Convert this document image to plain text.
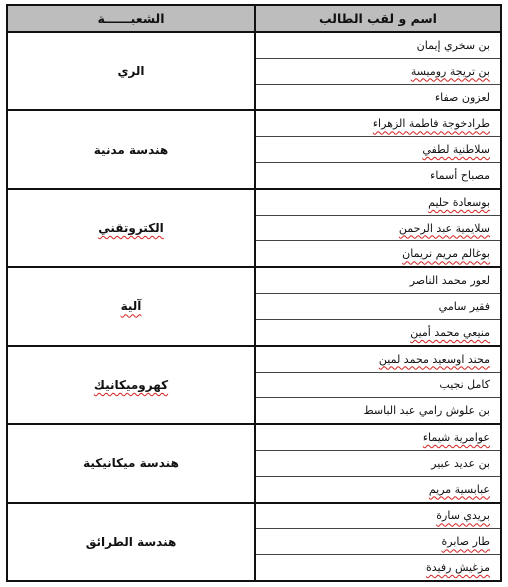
الشعبــــــة	اسم و لقب الطالب
الري
بن سخري إيمان
بن تريجة روميسة
لعزون صفاء
هندسة مدنية
طرادخوجة فاطمة الزهراء
سلاطنية لطفي
مصباح أسماء
الكتروتقني
بوسعادة حليم
سلايمية عبد الرحمن
بوغالم مريم نريمان
آلية
لعور محمد الناصر
فقير سامي
منيعي محمد أمين
كهروميكانيك
محند اوسعيد محمد لمين
كامل نجيب
بن علوش رامي عبد الباسط
هندسة ميكانيكية
عوامرية شيماء
بن عديد عبير
عبابسية مريم
هندسة الطرائق
بريدي سارة
طار صابرة
مزغيش رفيدة
